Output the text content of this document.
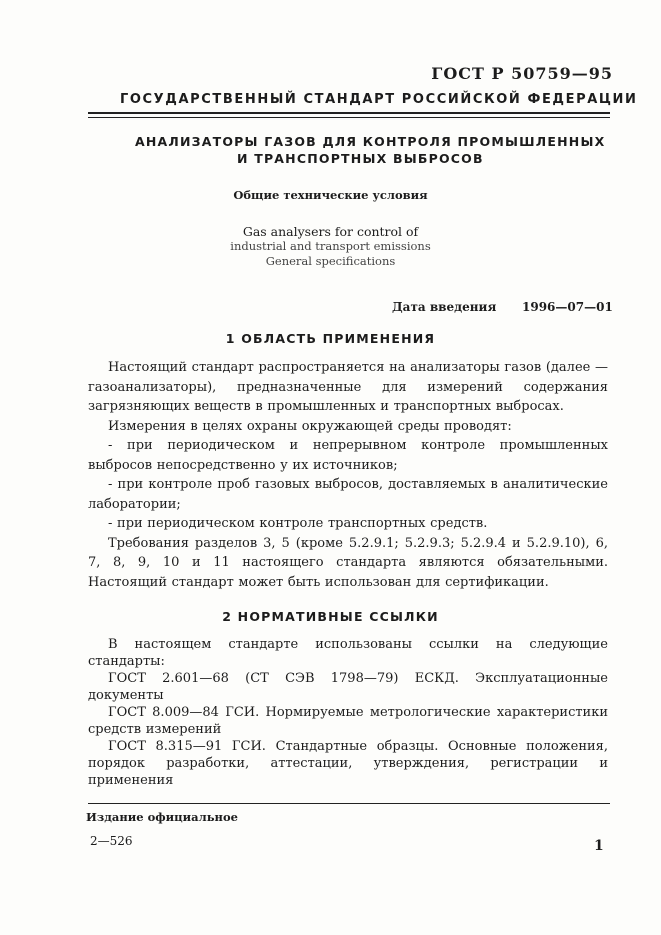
ГОСТ Р 50759—95
ГОСУДАРСТВЕННЫЙ СТАНДАРТ РОССИЙСКОЙ ФЕДЕРАЦИИ
АНАЛИЗАТОРЫ ГАЗОВ ДЛЯ КОНТРОЛЯ ПРОМЫШЛЕННЫХ
И ТРАНСПОРТНЫХ ВЫБРОСОВ
Общие технические условия
Gas analysers for control of
industrial and transport emissions
General specifications
Дата введения 1996—07—01
1 ОБЛАСТЬ ПРИМЕНЕНИЯ

Настоящий стандарт распространяется на анализаторы газов (далее — газоанализаторы), предназначенные для измерений содержания загрязняющих веществ в промышленных и транспортных выбросах.

Измерения в целях охраны окружающей среды проводят:

- при периодическом и непрерывном контроле промышленных выбросов непосредственно у их источников;

- при контроле проб газовых выбросов, доставляемых в аналитические лаборатории;

- при периодическом контроле транспортных средств.

Требования разделов 3, 5 (кроме 5.2.9.1; 5.2.9.3; 5.2.9.4 и 5.2.9.10), 6, 7, 8, 9, 10 и 11 настоящего стандарта являются обязательными. Настоящий стандарт может быть использован для сертификации.

2 НОРМАТИВНЫЕ ССЫЛКИ

В настоящем стандарте использованы ссылки на следующие стандарты:

ГОСТ 2.601—68 (СТ СЭВ 1798—79) ЕСКД. Эксплуатационные документы

ГОСТ 8.009—84 ГСИ. Нормируемые метрологические характеристики средств измерений

ГОСТ 8.315—91 ГСИ. Стандартные образцы. Основные положения, порядок разработки, аттестации, утверждения, регистрации и применения

Издание официальное
2—526	1
